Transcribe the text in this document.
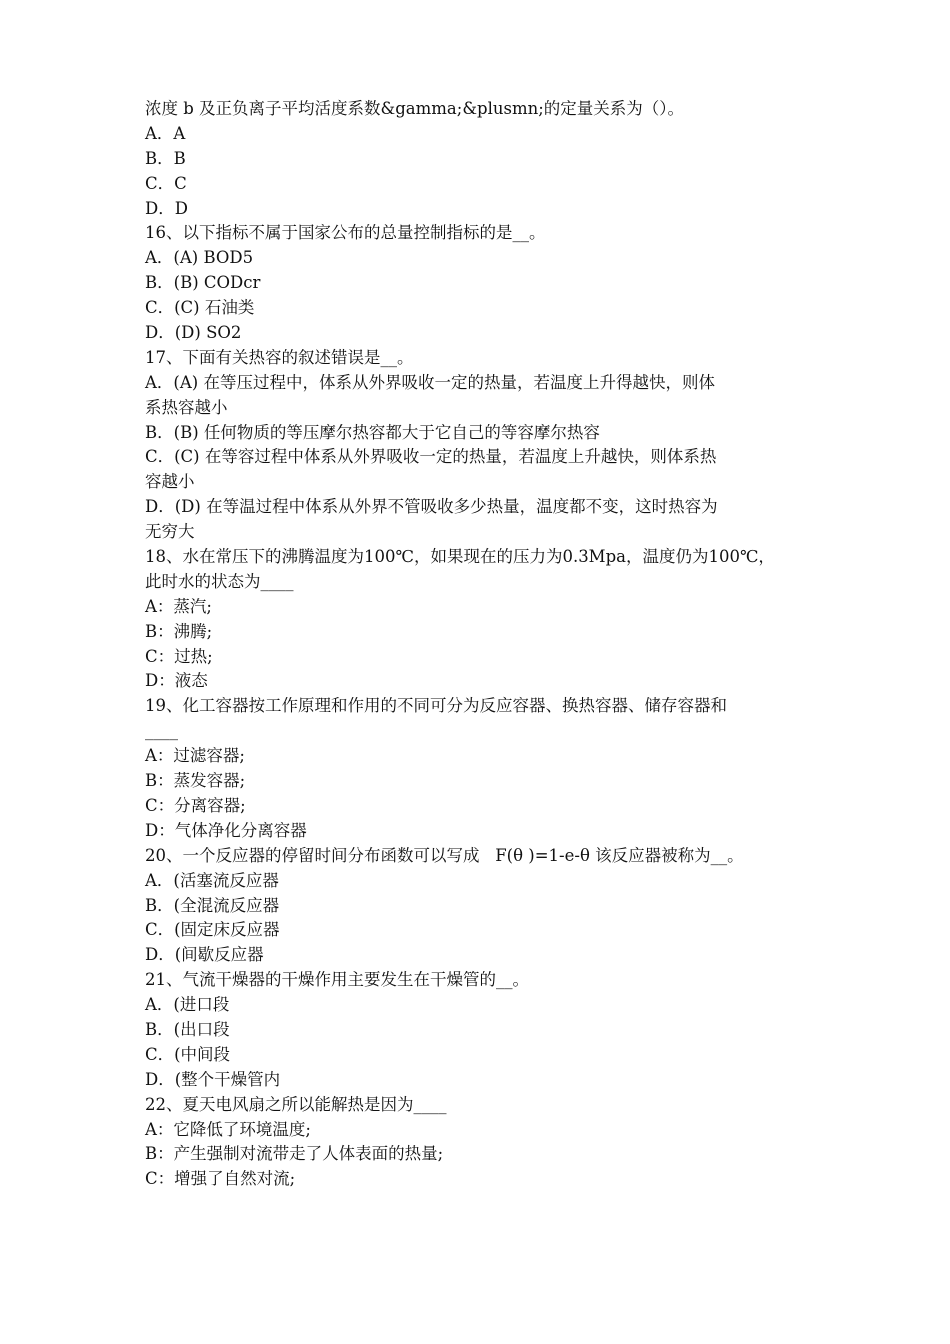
浓度 b 及正负离子平均活度系数&gamma;&plusmn;的定量关系为（）。
A．A
B．B
C．C
D．D
16、以下指标不属于国家公布的总量控制指标的是__。
A．(A) BOD5
B．(B) CODcr
C．(C) 石油类
D．(D) SO2
17、下面有关热容的叙述错误是__。
A．(A) 在等压过程中，体系从外界吸收一定的热量，若温度上升得越快，则体
系热容越小
B．(B) 任何物质的等压摩尔热容都大于它自己的等容摩尔热容
C．(C) 在等容过程中体系从外界吸收一定的热量，若温度上升越快，则体系热
容越小
D．(D) 在等温过程中体系从外界不管吸收多少热量，温度都不变，这时热容为
无穷大
18、水在常压下的沸腾温度为100℃，如果现在的压力为0.3Mpa，温度仍为100℃，
此时水的状态为____
A：蒸汽;
B：沸腾;
C：过热;
D：液态
19、化工容器按工作原理和作用的不同可分为反应容器、换热容器、储存容器和
____
A：过滤容器;
B：蒸发容器;
C：分离容器;
D：气体净化分离容器
20、一个反应器的停留时间分布函数可以写成   F(θ )=1-e-θ 该反应器被称为__。
A．(活塞流反应器
B．(全混流反应器
C．(固定床反应器
D．(间歇反应器
21、气流干燥器的干燥作用主要发生在干燥管的__。
A．(进口段
B．(出口段
C．(中间段
D．(整个干燥管内
22、夏天电风扇之所以能解热是因为____
A：它降低了环境温度;
B：产生强制对流带走了人体表面的热量;
C：增强了自然对流;
